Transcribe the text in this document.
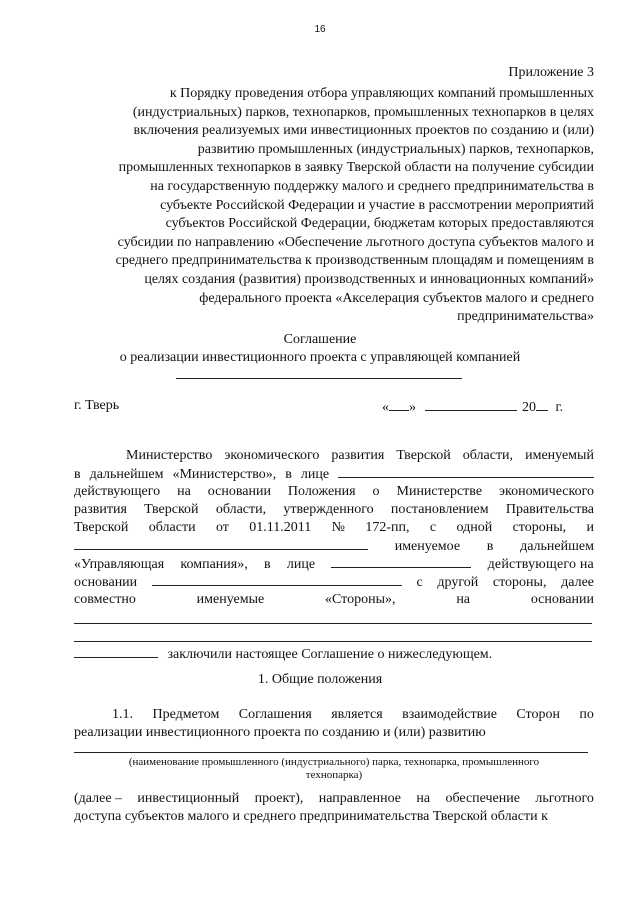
16
Приложение 3
к Порядку проведения отбора управляющих компаний промышленных
(индустриальных) парков, технопарков, промышленных технопарков в целях
включения реализуемых ими инвестиционных проектов по созданию и (или)
развитию промышленных (индустриальных) парков, технопарков,
промышленных технопарков в заявку Тверской области на получение субсидии
на государственную поддержку малого и среднего предпринимательства в
субъекте Российской Федерации и участие в рассмотрении мероприятий
субъектов Российской Федерации, бюджетам которых предоставляются
субсидии по направлению «Обеспечение льготного доступа субъектов малого и
среднего предпринимательства к производственным площадям и помещениям в
целях создания (развития) производственных и инновационных компаний»
федерального проекта «Акселерация субъектов малого и среднего
предпринимательства»
Соглашение
о реализации инвестиционного проекта с управляющей компанией
г. Тверь	« »	20 г.
Министерство экономического развития Тверской области, именуемый
в дальнейшем «Министерство», в лице
действующего на основании Положения о Министерстве экономического
развития Тверской области, утвержденного постановлением Правительства
Тверской области от 01.11.2011 № 172-пп, с одной стороны, и
именуемое в дальнейшем
«Управляющая компания», в лице	действующего на
основании	с другой стороны, далее
совместно	именуемые	«Стороны»,	на	основании
заключили настоящее Соглашение о нижеследующем.
1. Общие положения
1.1. Предметом Соглашения является взаимодействие Сторон по
реализации инвестиционного проекта по созданию и (или) развитию
(наименование промышленного (индустриального) парка, технопарка, промышленного
технопарка)
(далее – инвестиционный проект), направленное на обеспечение льготного
доступа субъектов малого и среднего предпринимательства Тверской области к
